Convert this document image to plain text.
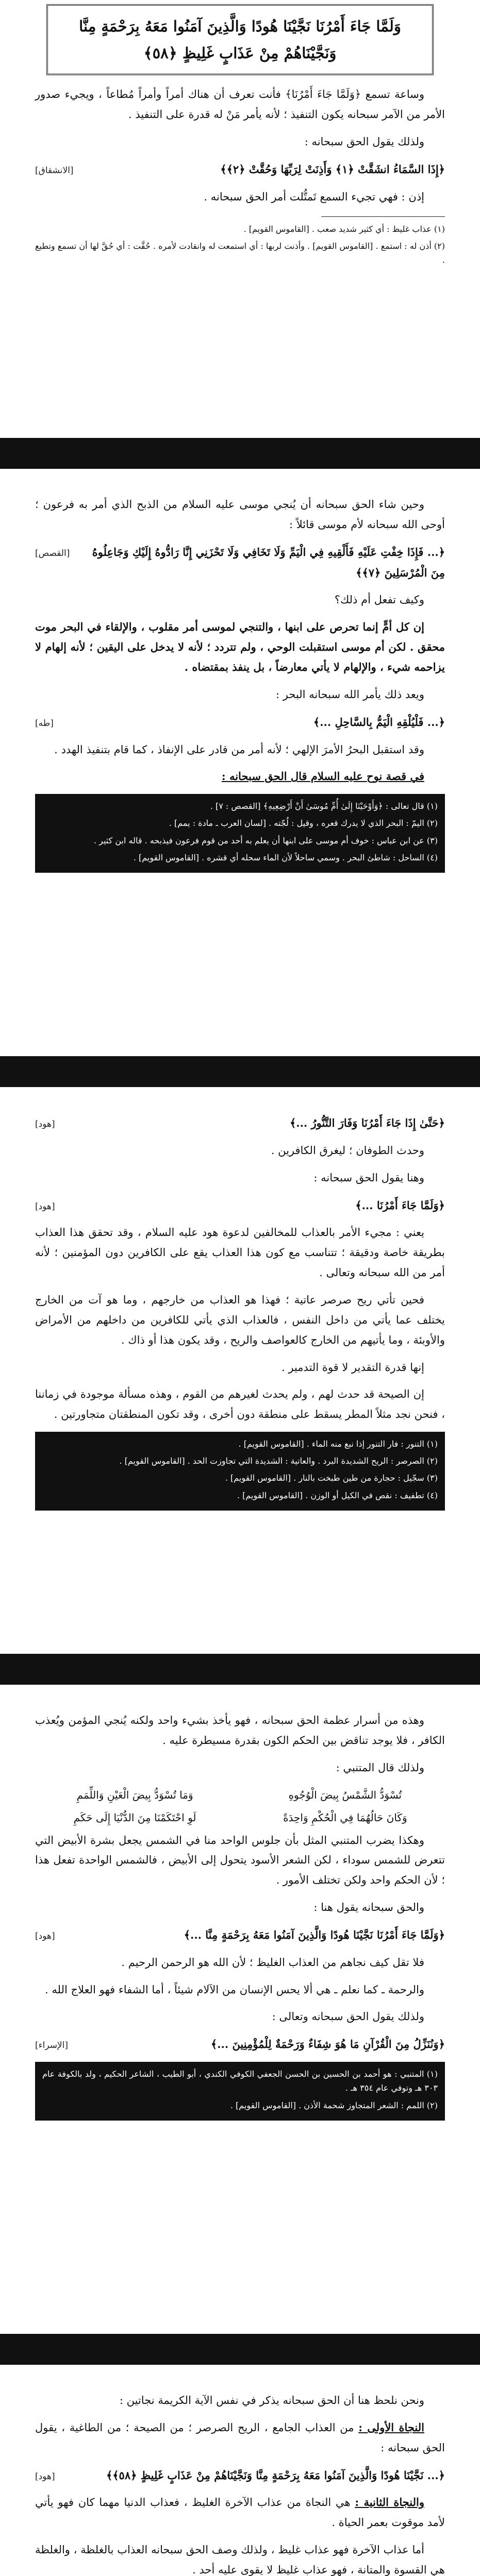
وَلَمَّا جَاءَ أَمْرُنَا نَجَّيْنَا هُودًا وَالَّذِينَ آمَنُوا مَعَهُ بِرَحْمَةٍ مِنَّا وَنَجَّيْنَاهُمْ مِنْ عَذَابٍ غَلِيظٍ ﴿٥٨﴾

وساعة تسمع ﴿وَلَمَّا جَاءَ أَمْرُنَا﴾ فأنت تعرف أن هناك أمراً وأمراً مُطاعاً ، ويجيء صدور الأمر من الآمر سبحانه يكون التنفيذ ؛ لأنه يأمر مَنْ له قدرة على التنفيذ .

ولذلك يقول الحق سبحانه :

﴿إِذَا السَّمَاءُ انشَقَّتْ ﴿١﴾ وَأَذِنَتْ لِرَبِّهَا وَحُقَّتْ ﴿٢﴾﴾
[الانشقاق]

إذن : فهي تجيء السمع تَمتُّلت أمر الحق سبحانه .

(١) عذاب غليظ : أي كثير شديد صعب . [القاموس القويم] .

(٢) أذن له : استمع . [القاموس القويم] . وأذنت لربها : أي استمعت له وانقادت لأمره . حُقَّت : أي حُقَّ لها أن تسمع وتطيع .

وحين شاء الحق سبحانه أن يُنجي موسى عليه السلام من الذبح الذي أمر به فرعون ؛ أوحى الله سبحانه لأم موسى قائلاً :

﴿... فَإِذَا خِفْتِ عَلَيْهِ فَأَلْقِيهِ فِي الْيَمِّ وَلَا تَخَافِي وَلَا تَحْزَنِي إِنَّا رَادُّوهُ إِلَيْكِ وَجَاعِلُوهُ مِنَ الْمُرْسَلِينَ ﴿٧﴾﴾
[القصص]

وكيف تفعل أم ذلك؟

إن كل أمٍّ إنما تحرص على ابنها ، والتنجي لموسى أمر مقلوب ، والإلقاء في البحر موت محقق . لكن أم موسى استقبلت الوحي ، ولم تتردد ؛ لأنه لا يدخل على اليقين ؛ لأنه إلهام لا يزاحمه شيء ، والإلهام لا يأتي معارضاً ، بل ينفذ بمقتضاه .

ويعد ذلك يأمر الله سبحانه البحر :

﴿... فَلْيُلْقِهِ الْيَمُّ بِالسَّاحِلِ ...﴾
[طه]

وقد استقبل البحرُ الأمرَ الإلهي ؛ لأنه أمر من قادر على الإنفاذ ، كما قام بتنفيذ الهدد .

في قصة نوح عليه السلام قال الحق سبحانه :

(١) قال تعالى : ﴿وَأَوْحَيْنَا إِلَىٰ أُمِّ مُوسَىٰ أَنْ أَرْضِعِيهِ﴾ [القصص : ٧] .

(٢) اليمّ : البحر الذي لا يدرك قعره ، وقيل : لُجّته . [لسان العرب ـ مادة : يمم] .

(٣) عن ابن عباس : خوف أم موسى على ابنها أن يعلم به أحد من قوم فرعون فيذبحه . قاله ابن كثير .

(٤) الساحل : شاطئ البحر . وسمي ساحلاً لأن الماء سحله أي قشره . [القاموس القويم] .

﴿حَتَّىٰ إِذَا جَاءَ أَمْرُنَا وَفَارَ التَّنُّورُ ...﴾
[هود]

وحدث الطوفان ؛ ليغرق الكافرين .

وهنا يقول الحق سبحانه :

﴿وَلَمَّا جَاءَ أَمْرُنَا ...﴾
[هود]

يعني : مجيء الأمر بالعذاب للمخالفين لدعوة هود عليه السلام ، وقد تحقق هذا العذاب بطريقة خاصة ودقيقة ؛ تتناسب مع كون هذا العذاب يقع على الكافرين دون المؤمنين ؛ لأنه أمر من الله سبحانه وتعالى .

فحين تأتي ريح صرصر عاتية ؛ فهذا هو العذاب من خارجهم ، وما هو آت من الخارج يختلف عما يأتي من داخل النفس ، فالعذاب الذي يأتي للكافرين من داخلهم من الأمراض والأوبئة ، وما يأتيهم من الخارج كالعواصف والريح ، وقد يكون هذا أو ذاك .

إنها قدرة التقدير لا قوة التدمير .

إن الصيحة قد حدث لهم ، ولم يحدث لغيرهم من القوم ، وهذه مسألة موجودة في زماننا ، فنحن نجد مثلاً المطر يسقط على منطقة دون أخرى ، وقد تكون المنطقتان متجاورتين .

(١) التنور : فار التنور إذا نبع منه الماء . [القاموس القويم] .

(٢) الصرصر : الريح الشديدة البرد . والعاتية : الشديدة التي تجاوزت الحد . [القاموس القويم] .

(٣) سجّيل : حجارة من طين طبخت بالنار . [القاموس القويم] .

(٤) تطفيف : نقص في الكيل أو الوزن . [القاموس القويم] .

وهذه من أسرار عظمة الحق سبحانه ، فهو يأخذ بشيء واحد ولكنه يُنجي المؤمن ويُعذب الكافر ، فلا يوجد تناقض بين الحكم الكون بقدرة مسيطرة عليه .

ولذلك قال المتنبي :

تُسْوَدُّ الشَّمْسُ بِيضَ الْوُجُوهِ
وَمَا تُسْوَدُّ بِيضَ الْعَيْنِ وَاللِّمَمِ
وَكَانَ حَالُهُمَا فِي الْحُكْمِ وَاحِدَةً
لَوِ احْتَكَمْنَا مِنَ الدُّنْيَا إِلَى حَكَمِ

وهكذا يضرب المتنبي المثل بأن جلوس الواحد منا في الشمس يجعل بشرة الأبيض التي تتعرض للشمس سوداء ، لكن الشعر الأسود يتحول إلى الأبيض ، فالشمس الواحدة تفعل هذا ؛ لأن الحكم واحد ولكن تختلف الأمور .

والحق سبحانه يقول هنا :

﴿وَلَمَّا جَاءَ أَمْرُنَا نَجَّيْنَا هُودًا وَالَّذِينَ آمَنُوا مَعَهُ بِرَحْمَةٍ مِنَّا ...﴾
[هود]

فلا تقل كيف نجاهم من العذاب الغليظ ؛ لأن الله هو الرحمن الرحيم .

والرحمة ـ كما نعلم ـ هي ألا يحس الإنسان من الآلام شيئاً ، أما الشفاء فهو العلاج الله .

ولذلك يقول الحق سبحانه وتعالى :

﴿وَنُنَزِّلُ مِنَ الْقُرْآنِ مَا هُوَ شِفَاءٌ وَرَحْمَةٌ لِلْمُؤْمِنِينَ ...﴾
[الإسراء]

(١) المتنبي : هو أحمد بن الحسين بن الحسن الجعفي الكوفي الكندي ، أبو الطيب ، الشاعر الحكيم ، ولد بالكوفة عام ٣٠٣ هـ وتوفي عام ٣٥٤ هـ .

(٢) اللمم : الشعر المتجاوز شحمة الأذن . [القاموس القويم] .

ونحن نلحظ هنا أن الحق سبحانه يذكر في نفس الآية الكريمة نجاتين :

النجاة الأولى : من العذاب الجامع ، الريح الصرصر ؛ من الصيحة ؛ من الطاغية ، يقول الحق سبحانه :

﴿... نَجَّيْنَا هُودًا وَالَّذِينَ آمَنُوا مَعَهُ بِرَحْمَةٍ مِنَّا وَنَجَّيْنَاهُمْ مِنْ عَذَابٍ غَلِيظٍ ﴿٥٨﴾﴾
[هود]

والنجاة الثانية : هي النجاة من عذاب الآخرة الغليظ ، فعذاب الدنيا مهما كان فهو يأتي لأمد موقوت بعمر الحياة .

أما عذاب الآخرة فهو عذاب غليظ ، ولذلك وصف الحق سبحانه العذاب بالغلظة ، والغلظة هي القسوة والمتانة ، فهو عذاب غليظ لا يقوى عليه أحد .
